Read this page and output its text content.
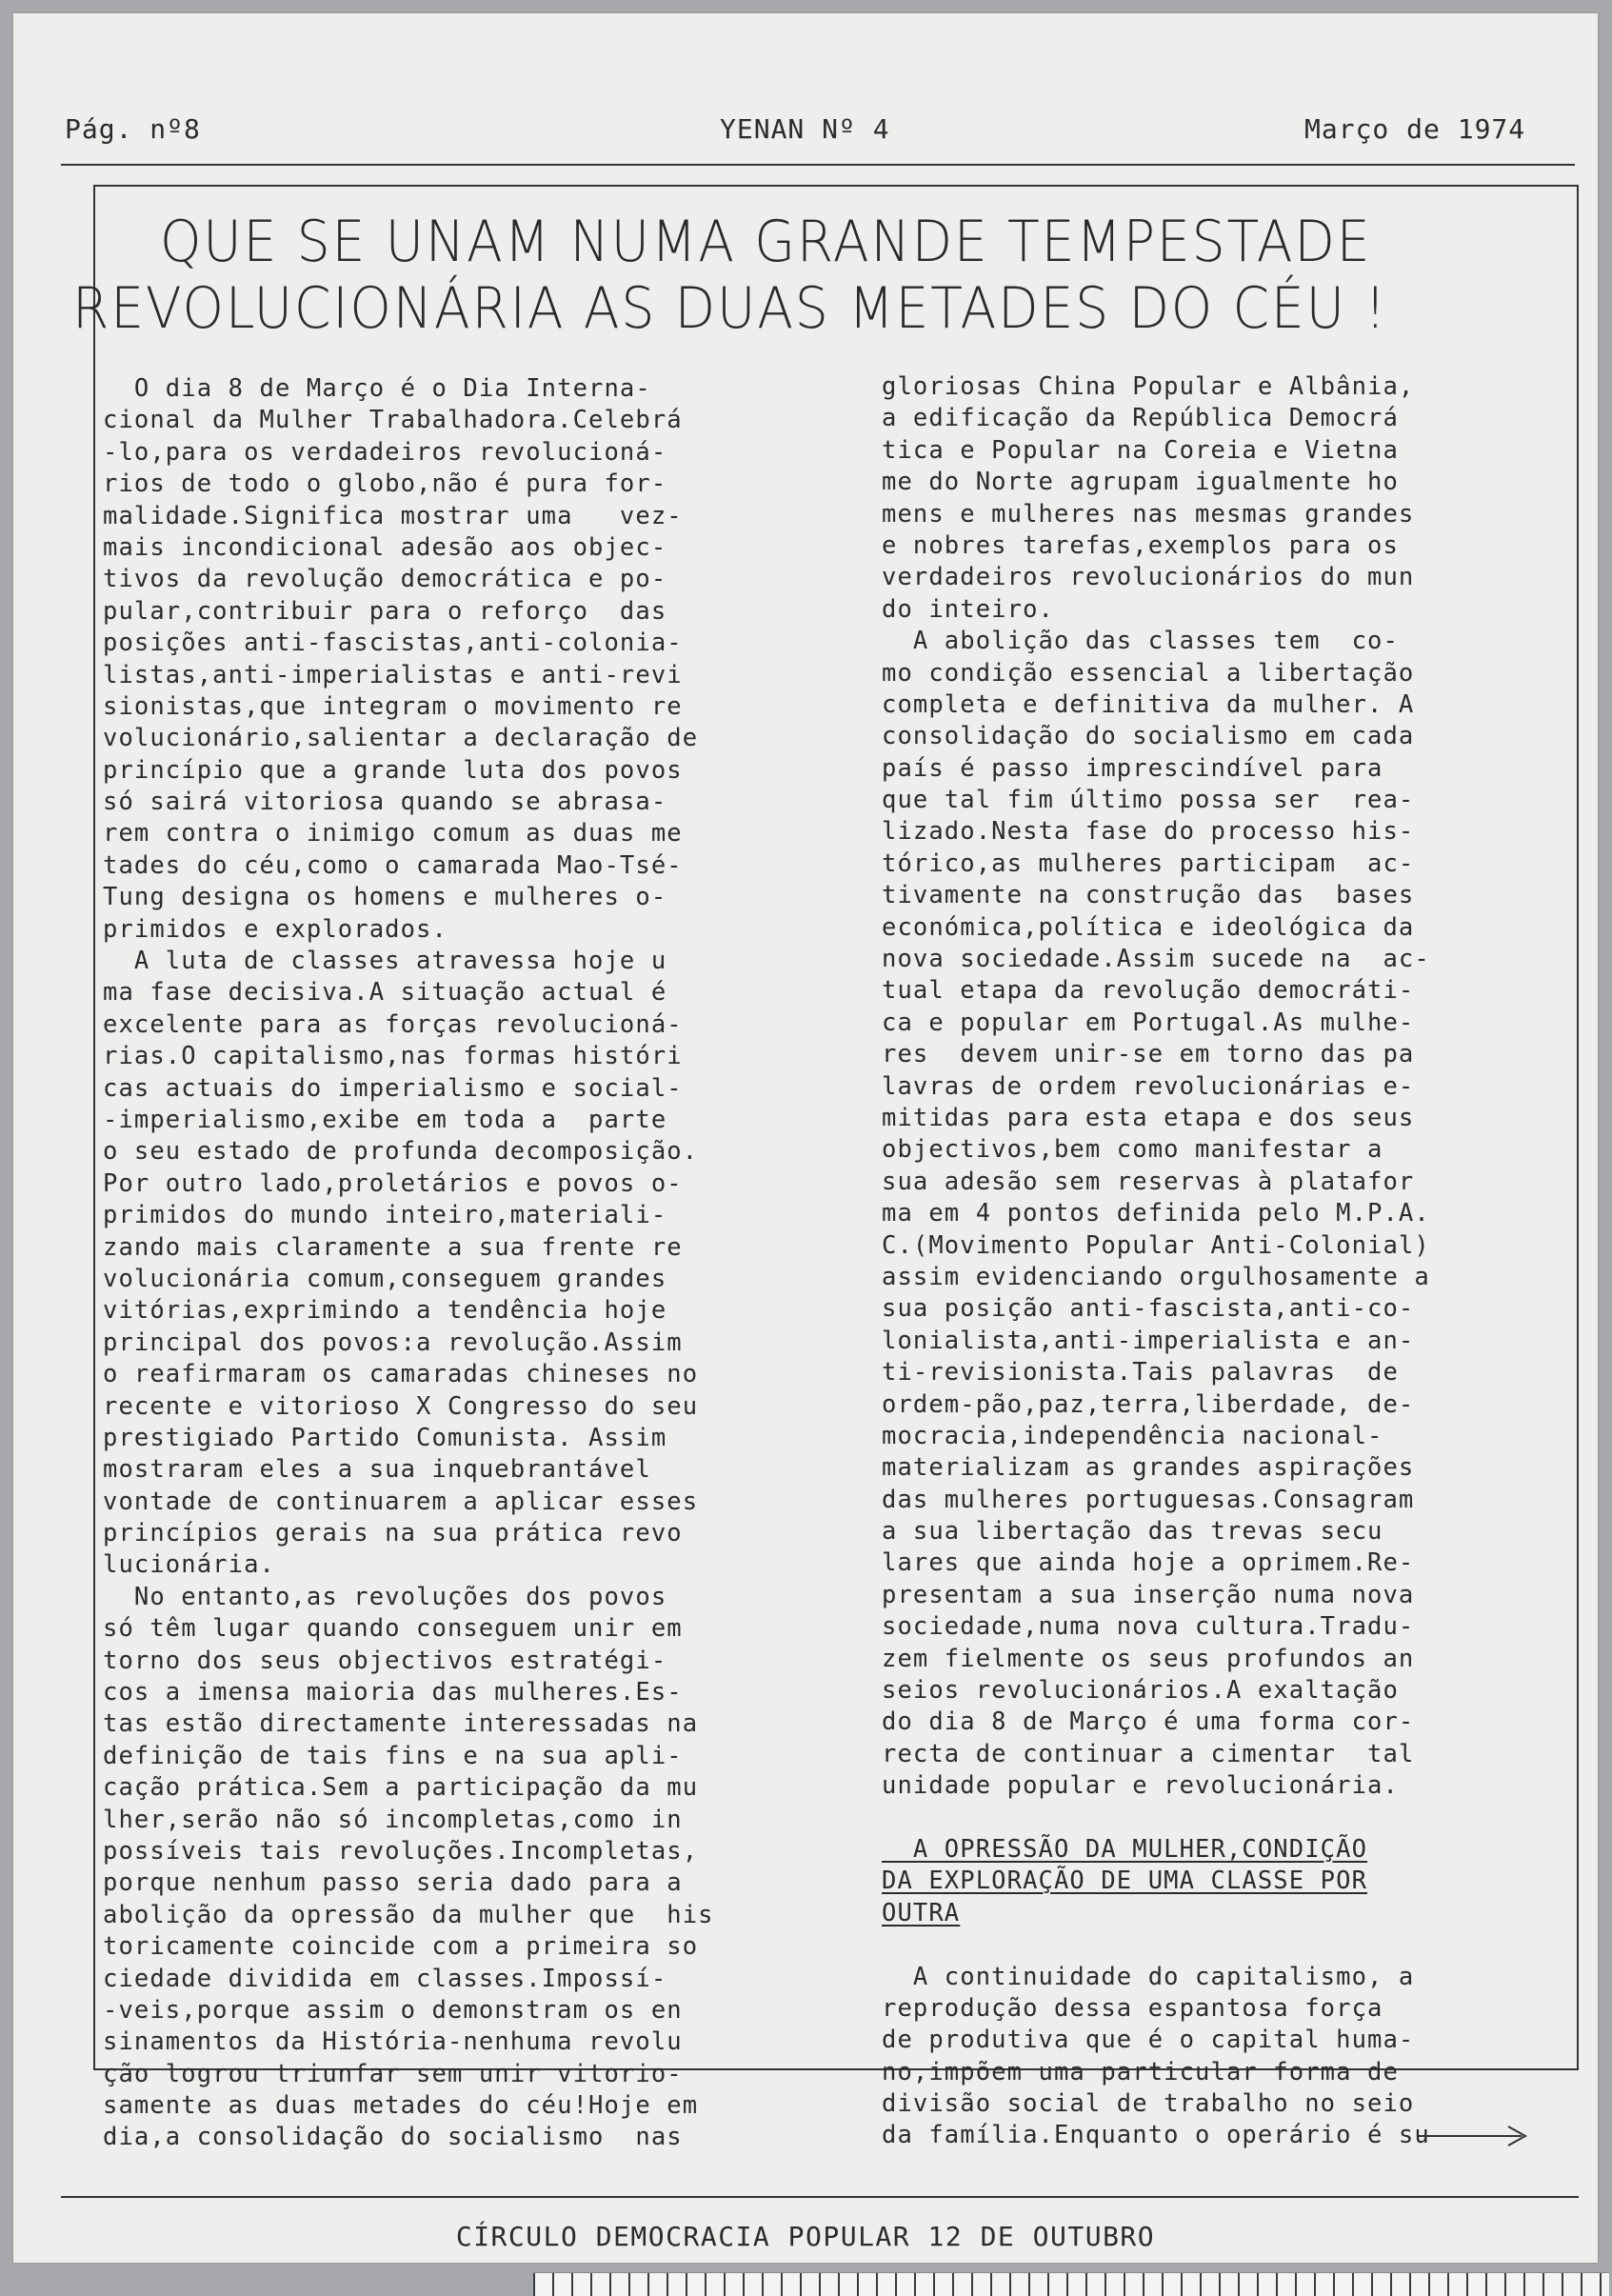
Pág. nº8	YENAN Nº 4	Março de 1974
QUE SE UNAM NUMA GRANDE TEMPESTADE
REVOLUCIONÁRIA AS DUAS METADES DO CÉU !
O dia 8 de Março é o Dia Interna-
cional da Mulher Trabalhadora.Celebrá
-lo,para os verdadeiros revolucioná-
rios de todo o globo,não é pura for-
malidade.Significa mostrar uma   vez-
mais incondicional adesão aos objec-
tivos da revolução democrática e po-
pular,contribuir para o reforço  das
posições anti-fascistas,anti-colonia-
listas,anti-imperialistas e anti-revi
sionistas,que integram o movimento re
volucionário,salientar a declaração de
princípio que a grande luta dos povos
só sairá vitoriosa quando se abrasa-
rem contra o inimigo comum as duas me
tades do céu,como o camarada Mao-Tsé-
Tung designa os homens e mulheres o-
primidos e explorados.
A luta de classes atravessa hoje u
ma fase decisiva.A situação actual é
excelente para as forças revolucioná-
rias.O capitalismo,nas formas históri
cas actuais do imperialismo e social-
-imperialismo,exibe em toda a  parte
o seu estado de profunda decomposição.
Por outro lado,proletários e povos o-
primidos do mundo inteiro,materiali-
zando mais claramente a sua frente re
volucionária comum,conseguem grandes
vitórias,exprimindo a tendência hoje
principal dos povos:a revolução.Assim
o reafirmaram os camaradas chineses no
recente e vitorioso X Congresso do seu
prestigiado Partido Comunista. Assim
mostraram eles a sua inquebrantável
vontade de continuarem a aplicar esses
princípios gerais na sua prática revo
lucionária.
No entanto,as revoluções dos povos
só têm lugar quando conseguem unir em
torno dos seus objectivos estratégi-
cos a imensa maioria das mulheres.Es-
tas estão directamente interessadas na
definição de tais fins e na sua apli-
cação prática.Sem a participação da mu
lher,serão não só incompletas,como in
possíveis tais revoluções.Incompletas,
porque nenhum passo seria dado para a
abolição da opressão da mulher que  his
toricamente coincide com a primeira so
ciedade dividida em classes.Impossí-
-veis,porque assim o demonstram os en
sinamentos da História-nenhuma revolu
ção logrou triunfar sem unir vitorio-
samente as duas metades do céu!Hoje em
dia,a consolidação do socialismo  nas
gloriosas China Popular e Albânia,
a edificação da República Democrá
tica e Popular na Coreia e Vietna
me do Norte agrupam igualmente ho
mens e mulheres nas mesmas grandes
e nobres tarefas,exemplos para os
verdadeiros revolucionários do mun
do inteiro.
A abolição das classes tem  co-
mo condição essencial a libertação
completa e definitiva da mulher. A
consolidação do socialismo em cada
país é passo imprescindível para
que tal fim último possa ser  rea-
lizado.Nesta fase do processo his-
tórico,as mulheres participam  ac-
tivamente na construção das  bases
económica,política e ideológica da
nova sociedade.Assim sucede na  ac-
tual etapa da revolução democráti-
ca e popular em Portugal.As mulhe-
res  devem unir-se em torno das pa
lavras de ordem revolucionárias e-
mitidas para esta etapa e dos seus
objectivos,bem como manifestar a
sua adesão sem reservas à platafor
ma em 4 pontos definida pelo M.P.A.
C.(Movimento Popular Anti-Colonial)
assim evidenciando orgulhosamente a
sua posição anti-fascista,anti-co-
lonialista,anti-imperialista e an-
ti-revisionista.Tais palavras  de
ordem-pão,paz,terra,liberdade, de-
mocracia,independência nacional-
materializam as grandes aspirações
das mulheres portuguesas.Consagram
a sua libertação das trevas secu
lares que ainda hoje a oprimem.Re-
presentam a sua inserção numa nova
sociedade,numa nova cultura.Tradu-
zem fielmente os seus profundos an
seios revolucionários.A exaltação
do dia 8 de Março é uma forma cor-
recta de continuar a cimentar  tal
unidade popular e revolucionária.
A OPRESSÃO DA MULHER,CONDIÇÃO
DA EXPLORAÇÃO DE UMA CLASSE POR
OUTRA
A continuidade do capitalismo, a
reprodução dessa espantosa força
de produtiva que é o capital huma-
no,impõem uma particular forma de
divisão social de trabalho no seio
da família.Enquanto o operário é su
CÍRCULO DEMOCRACIA POPULAR 12 DE OUTUBRO
